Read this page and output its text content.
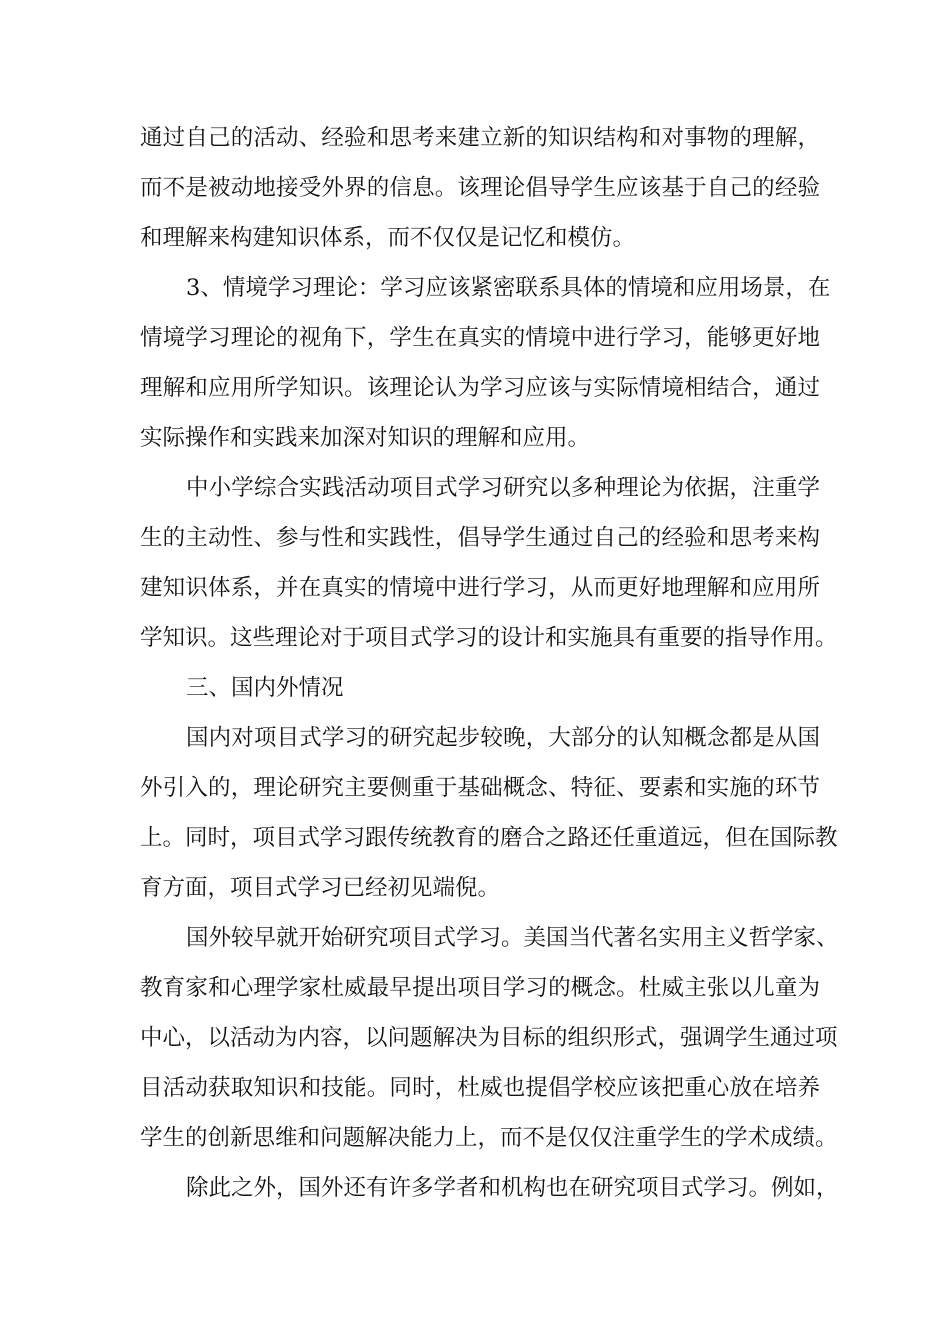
通过自己的活动、经验和思考来建立新的知识结构和对事物的理解，
而不是被动地接受外界的信息。该理论倡导学生应该基于自己的经验
和理解来构建知识体系，而不仅仅是记忆和模仿。
3、情境学习理论：学习应该紧密联系具体的情境和应用场景，在
情境学习理论的视角下，学生在真实的情境中进行学习，能够更好地
理解和应用所学知识。该理论认为学习应该与实际情境相结合，通过
实际操作和实践来加深对知识的理解和应用。
中小学综合实践活动项目式学习研究以多种理论为依据，注重学
生的主动性、参与性和实践性，倡导学生通过自己的经验和思考来构
建知识体系，并在真实的情境中进行学习，从而更好地理解和应用所
学知识。这些理论对于项目式学习的设计和实施具有重要的指导作用。
三、国内外情况
国内对项目式学习的研究起步较晚，大部分的认知概念都是从国
外引入的，理论研究主要侧重于基础概念、特征、要素和实施的环节
上。同时，项目式学习跟传统教育的磨合之路还任重道远，但在国际教
育方面，项目式学习已经初见端倪。
国外较早就开始研究项目式学习。美国当代著名实用主义哲学家、
教育家和心理学家杜威最早提出项目学习的概念。杜威主张以儿童为
中心，以活动为内容，以问题解决为目标的组织形式，强调学生通过项
目活动获取知识和技能。同时，杜威也提倡学校应该把重心放在培养
学生的创新思维和问题解决能力上，而不是仅仅注重学生的学术成绩。
除此之外，国外还有许多学者和机构也在研究项目式学习。例如，
